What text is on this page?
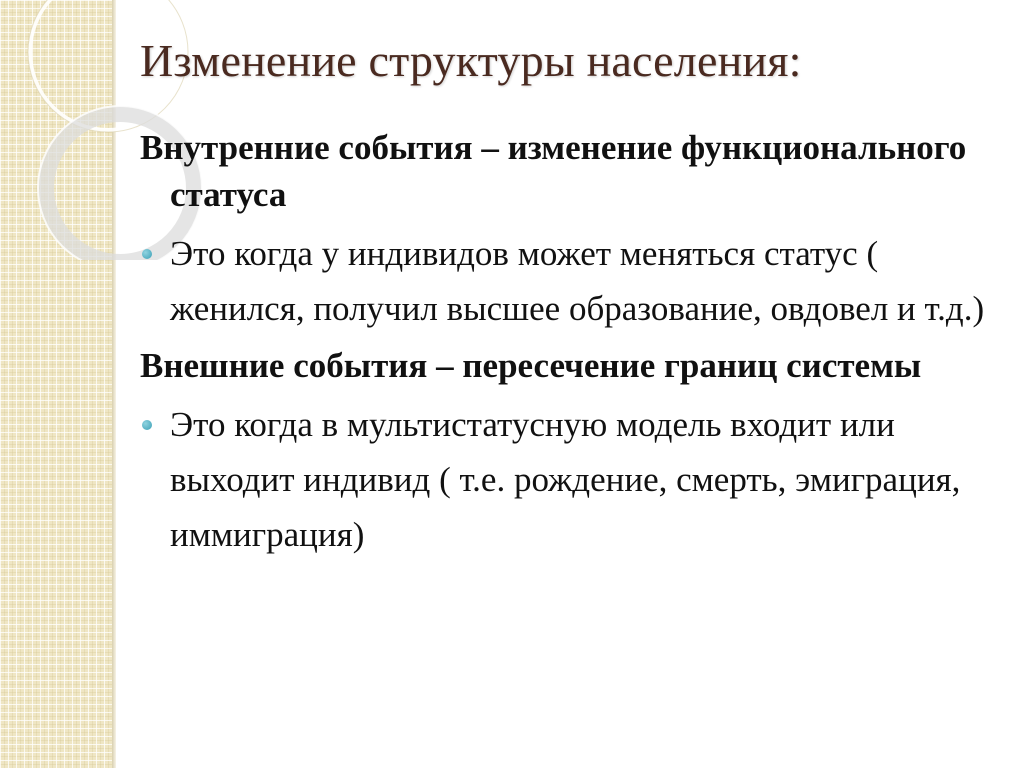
Изменение структуры населения:

Внутренние события – изменение функционального статуса

Это когда у индивидов может меняться статус ( женился, получил высшее образование, овдовел и т.д.)

Внешние события – пересечение границ системы

Это когда в мультистатусную модель входит или выходит индивид ( т.е. рождение, смерть, эмиграция, иммиграция)
